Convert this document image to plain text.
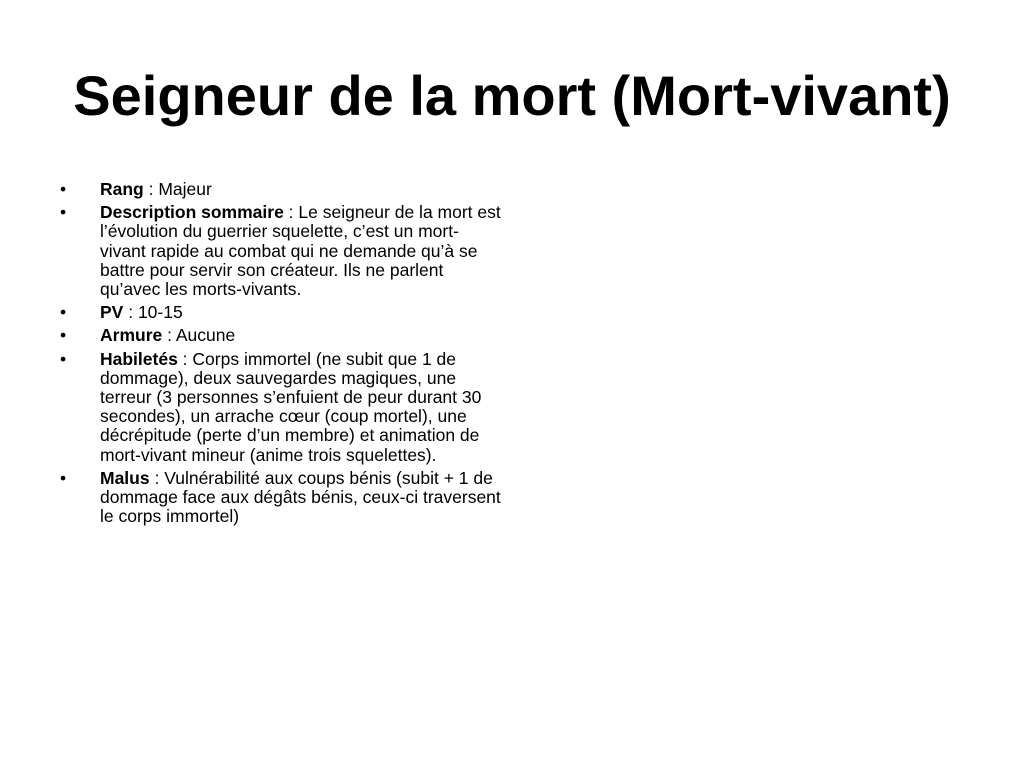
Seigneur de la mort (Mort-vivant)
•	Rang : Majeur
•	Description sommaire : Le seigneur de la mort est l’évolution du guerrier squelette, c’est un mort-vivant rapide au combat qui ne demande qu’à se battre pour servir son créateur. Ils ne parlent qu’avec les morts-vivants.
•	PV : 10-15
•	Armure : Aucune
•	Habiletés : Corps immortel (ne subit que 1 de dommage), deux sauvegardes magiques, une terreur (3 personnes s’enfuient de peur durant 30 secondes), un arrache cœur (coup mortel), une décrépitude (perte d’un membre) et animation de mort-vivant mineur (anime trois squelettes).
•	Malus : Vulnérabilité aux coups bénis (subit + 1 de dommage face aux dégâts bénis, ceux-ci traversent le corps immortel)
